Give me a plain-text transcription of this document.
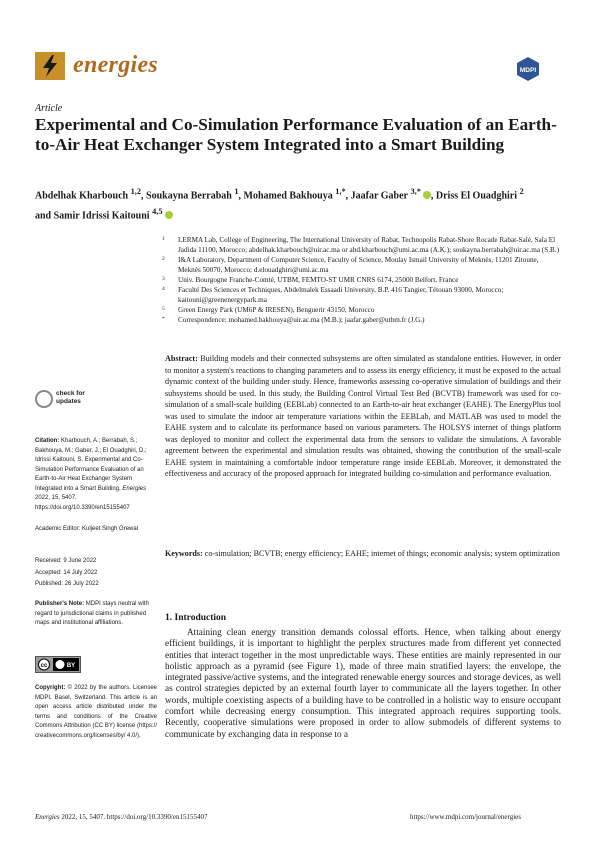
energies	MDPI
Article
Experimental and Co-Simulation Performance Evaluation of an Earth-to-Air Heat Exchanger System Integrated into a Smart Building
Abdelhak Kharbouch $^{1,2}$, Soukayna Berrabah $^1$, Mohamed Bakhouya $^{1,*}$, Jaafar Gaber $^{3,*}$ , Driss El Ouadghiri $^2$
and Samir Idrissi Kaitouni $^{4,5}$
1 LERMA Lab, College of Engineering, The International University of Rabat, Technopolis Rabat-Shore Rocade Rabat-Salé, Sala El Jadida 11100, Morocco; abdelhak.kharbouch@uir.ac.ma or abd.kharbouch@umi.ac.ma (A.K.); soukayna.berrabah@uir.ac.ma (S.B.)
2 I&A Laboratory, Department of Computer Science, Faculty of Science, Moulay Ismail University of Meknès, 11201 Zitoune, Meknès 50070, Morocco; d.elouadghiri@umi.ac.ma
3 Univ. Bourgogne Franche-Comté, UTBM, FEMTO-ST UMR CNRS 6174, 25000 Belfort, France
4 Faculté Des Sciences et Techniques, Abdelmalek Essaadi University, B.P. 416 Tangier, Tétouan 93000, Morocco; kaitouni@greenenergypark.ma
5 Green Energy Park (UM6P & IRESEN), Benguerir 43150, Morocco
* Correspondence: mohamed.bakhouya@uir.ac.ma (M.B.); jaafar.gaber@utbm.fr (J.G.)
Abstract: Building models and their connected subsystems are often simulated as standalone entities. However, in order to monitor a system's reactions to changing parameters and to assess its energy efficiency, it must be exposed to the actual dynamic context of the building under study. Hence, frameworks assessing co-operative simulation of buildings and their subsystems should be used. In this study, the Building Control Virtual Test Bed (BCVTB) framework was used for co-simulation of a small-scale building (EEBLab) connected to an Earth-to-air heat exchanger (EAHE). The EnergyPlus tool was used to simulate the indoor air temperature variations within the EEBLab, and MATLAB was used to model the EAHE system and to calculate its performance based on various parameters. The HOLSYS internet of things platform was deployed to monitor and collect the experimental data from the sensors to validate the simulations. A favorable agreement between the experimental and simulation results was obtained, showing the contribution of the small-scale EAHE system in maintaining a comfortable indoor temperature range inside EEBLab. Moreover, it demonstrated the effectiveness and accuracy of the proposed approach for integrated building co-simulation and performance evaluation.
Keywords: co-simulation; BCVTB; energy efficiency; EAHE; internet of things; economic analysis; system optimization
check for
updates
Citation: Kharbouch, A.; Berrabah, S.; Bakhouya, M.; Gaber, J.; El Ouadghiri, D.; Idrissi Kaitouni, S. Experimental and Co-Simulation Performance Evaluation of an Earth-to-Air Heat Exchanger System Integrated into a Smart Building. Energies 2022, 15, 5407. https://doi.org/10.3390/en15155407
Academic Editor: Kuljeet Singh Grewal
Received: 9 June 2022
Accepted: 14 July 2022
Published: 26 July 2022
Publisher's Note: MDPI stays neutral with regard to jurisdictional claims in published maps and institutional affiliations.
cc	BY
Copyright: © 2022 by the authors. Licensee MDPI, Basel, Switzerland. This article is an open access article distributed under the terms and conditions of the Creative Commons Attribution (CC BY) license (https:// creativecommons.org/licenses/by/ 4.0/).
1. Introduction
Attaining clean energy transition demands colossal efforts. Hence, when talking about energy efficient buildings, it is important to highlight the perplex structures made from different yet connected entities that interact together in the most unpredictable ways. These entities are mainly represented in our holistic approach as a pyramid (see Figure 1), made of three main stratified layers: the envelope, the integrated passive/active systems, and the integrated renewable energy sources and storage devices, as well as control strategies depicted by an external fourth layer to communicate all the layers together. In other words, multiple coexisting aspects of a building have to be controlled in a holistic way to ensure occupant comfort while decreasing energy consumption. This integrated approach requires supporting tools. Recently, cooperative simulations were proposed in order to allow submodels of different systems to communicate by exchanging data in response to a
Energies 2022, 15, 5407. https://doi.org/10.3390/en15155407	https://www.mdpi.com/journal/energies
